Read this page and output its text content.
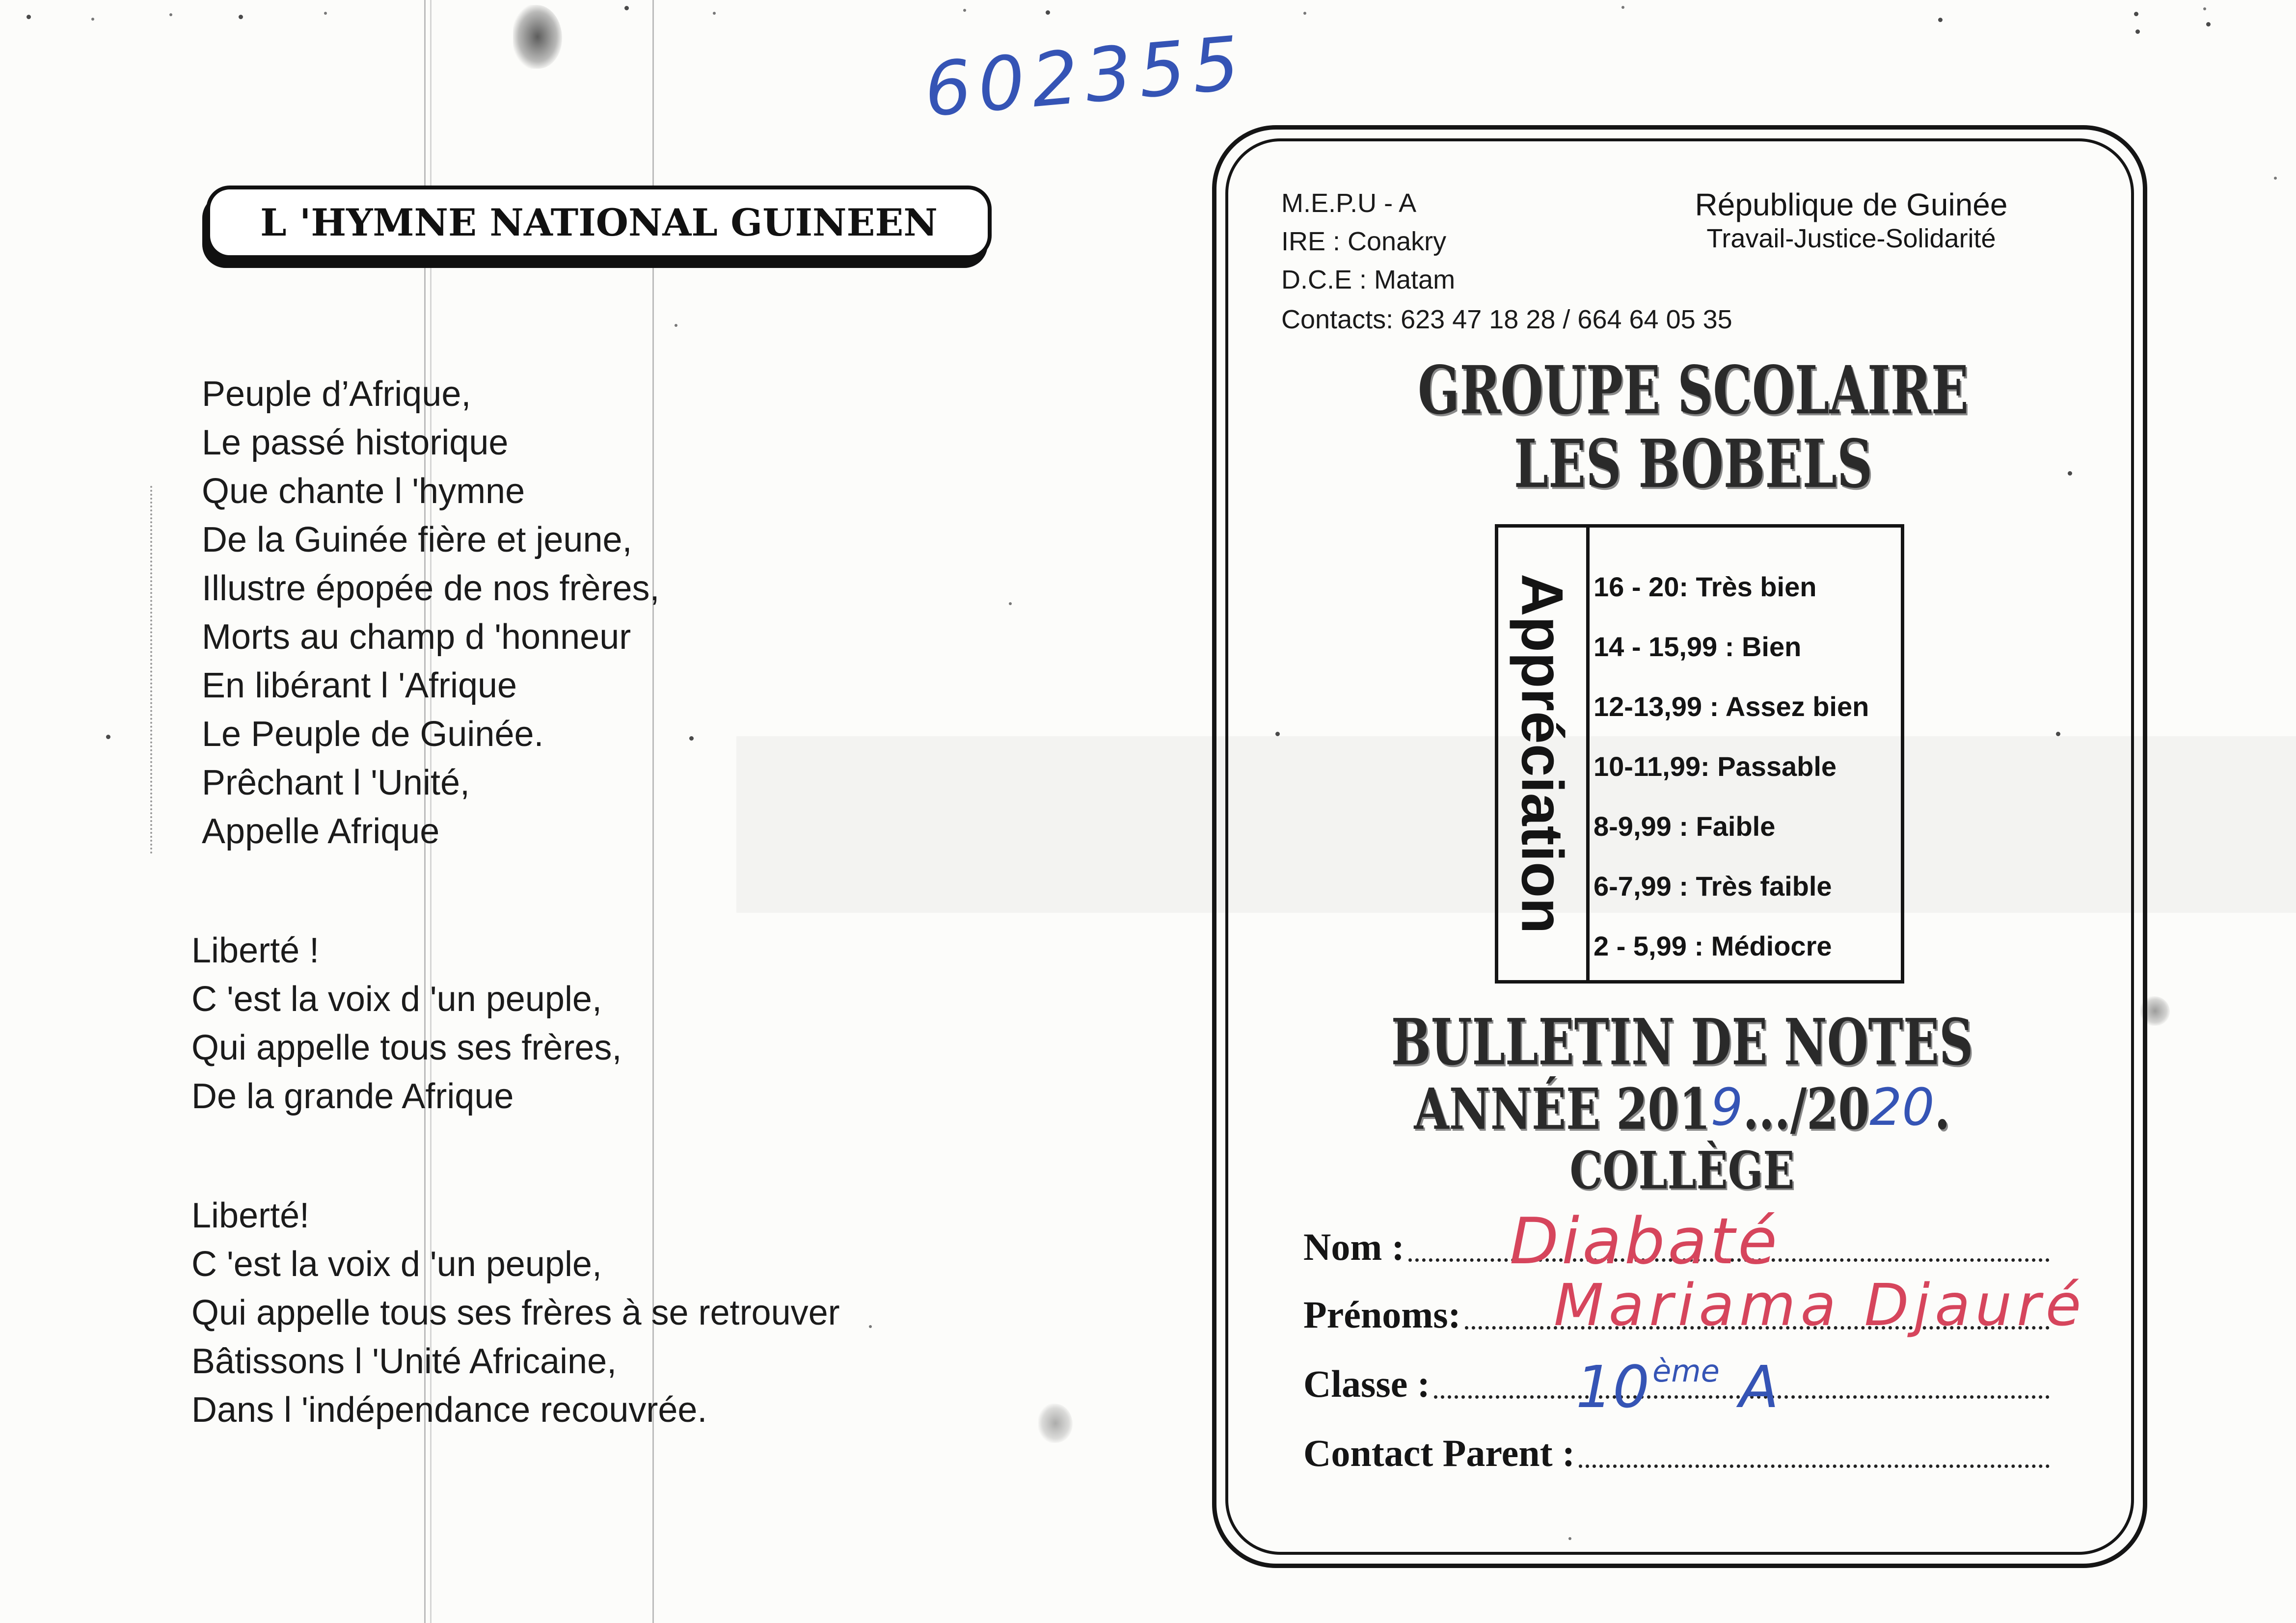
602355
L 'HYMNE NATIONAL GUINEEN
Peuple d’Afrique,
Le passé historique
Que chante l 'hymne
De la Guinée fière et jeune,
Illustre épopée de nos frères,
Morts au champ d 'honneur
En libérant l 'Afrique
Le Peuple de Guinée.
Prêchant l 'Unité,
Appelle Afrique
Liberté !
C 'est la voix d 'un peuple,
Qui appelle tous ses frères,
De la grande Afrique
Liberté!
C 'est la voix d 'un peuple,
Qui appelle tous ses frères à se retrouver
Bâtissons l 'Unité Africaine,
Dans l 'indépendance recouvrée.
M.E.P.U - A
IRE : Conakry
D.C.E : Matam
Contacts: 623 47 18 28 / 664 64 05 35
République de Guinée
Travail-Justice-Solidarité
GROUPE SCOLAIRE
LES BOBELS
Appréciation 16 - 20: Très bien
14 - 15,99 : Bien
12-13,99 : Assez bien
10-11,99: Passable
8-9,99 : Faible
6-7,99 : Très faible
2 - 5,99 : Médiocre
BULLETIN DE NOTES
ANNÉE 2019.../2020.
COLLÈGE
Nom :
Prénoms:
Classe :
Contact Parent :
Diabaté
Mariama Djauré
10ème A
